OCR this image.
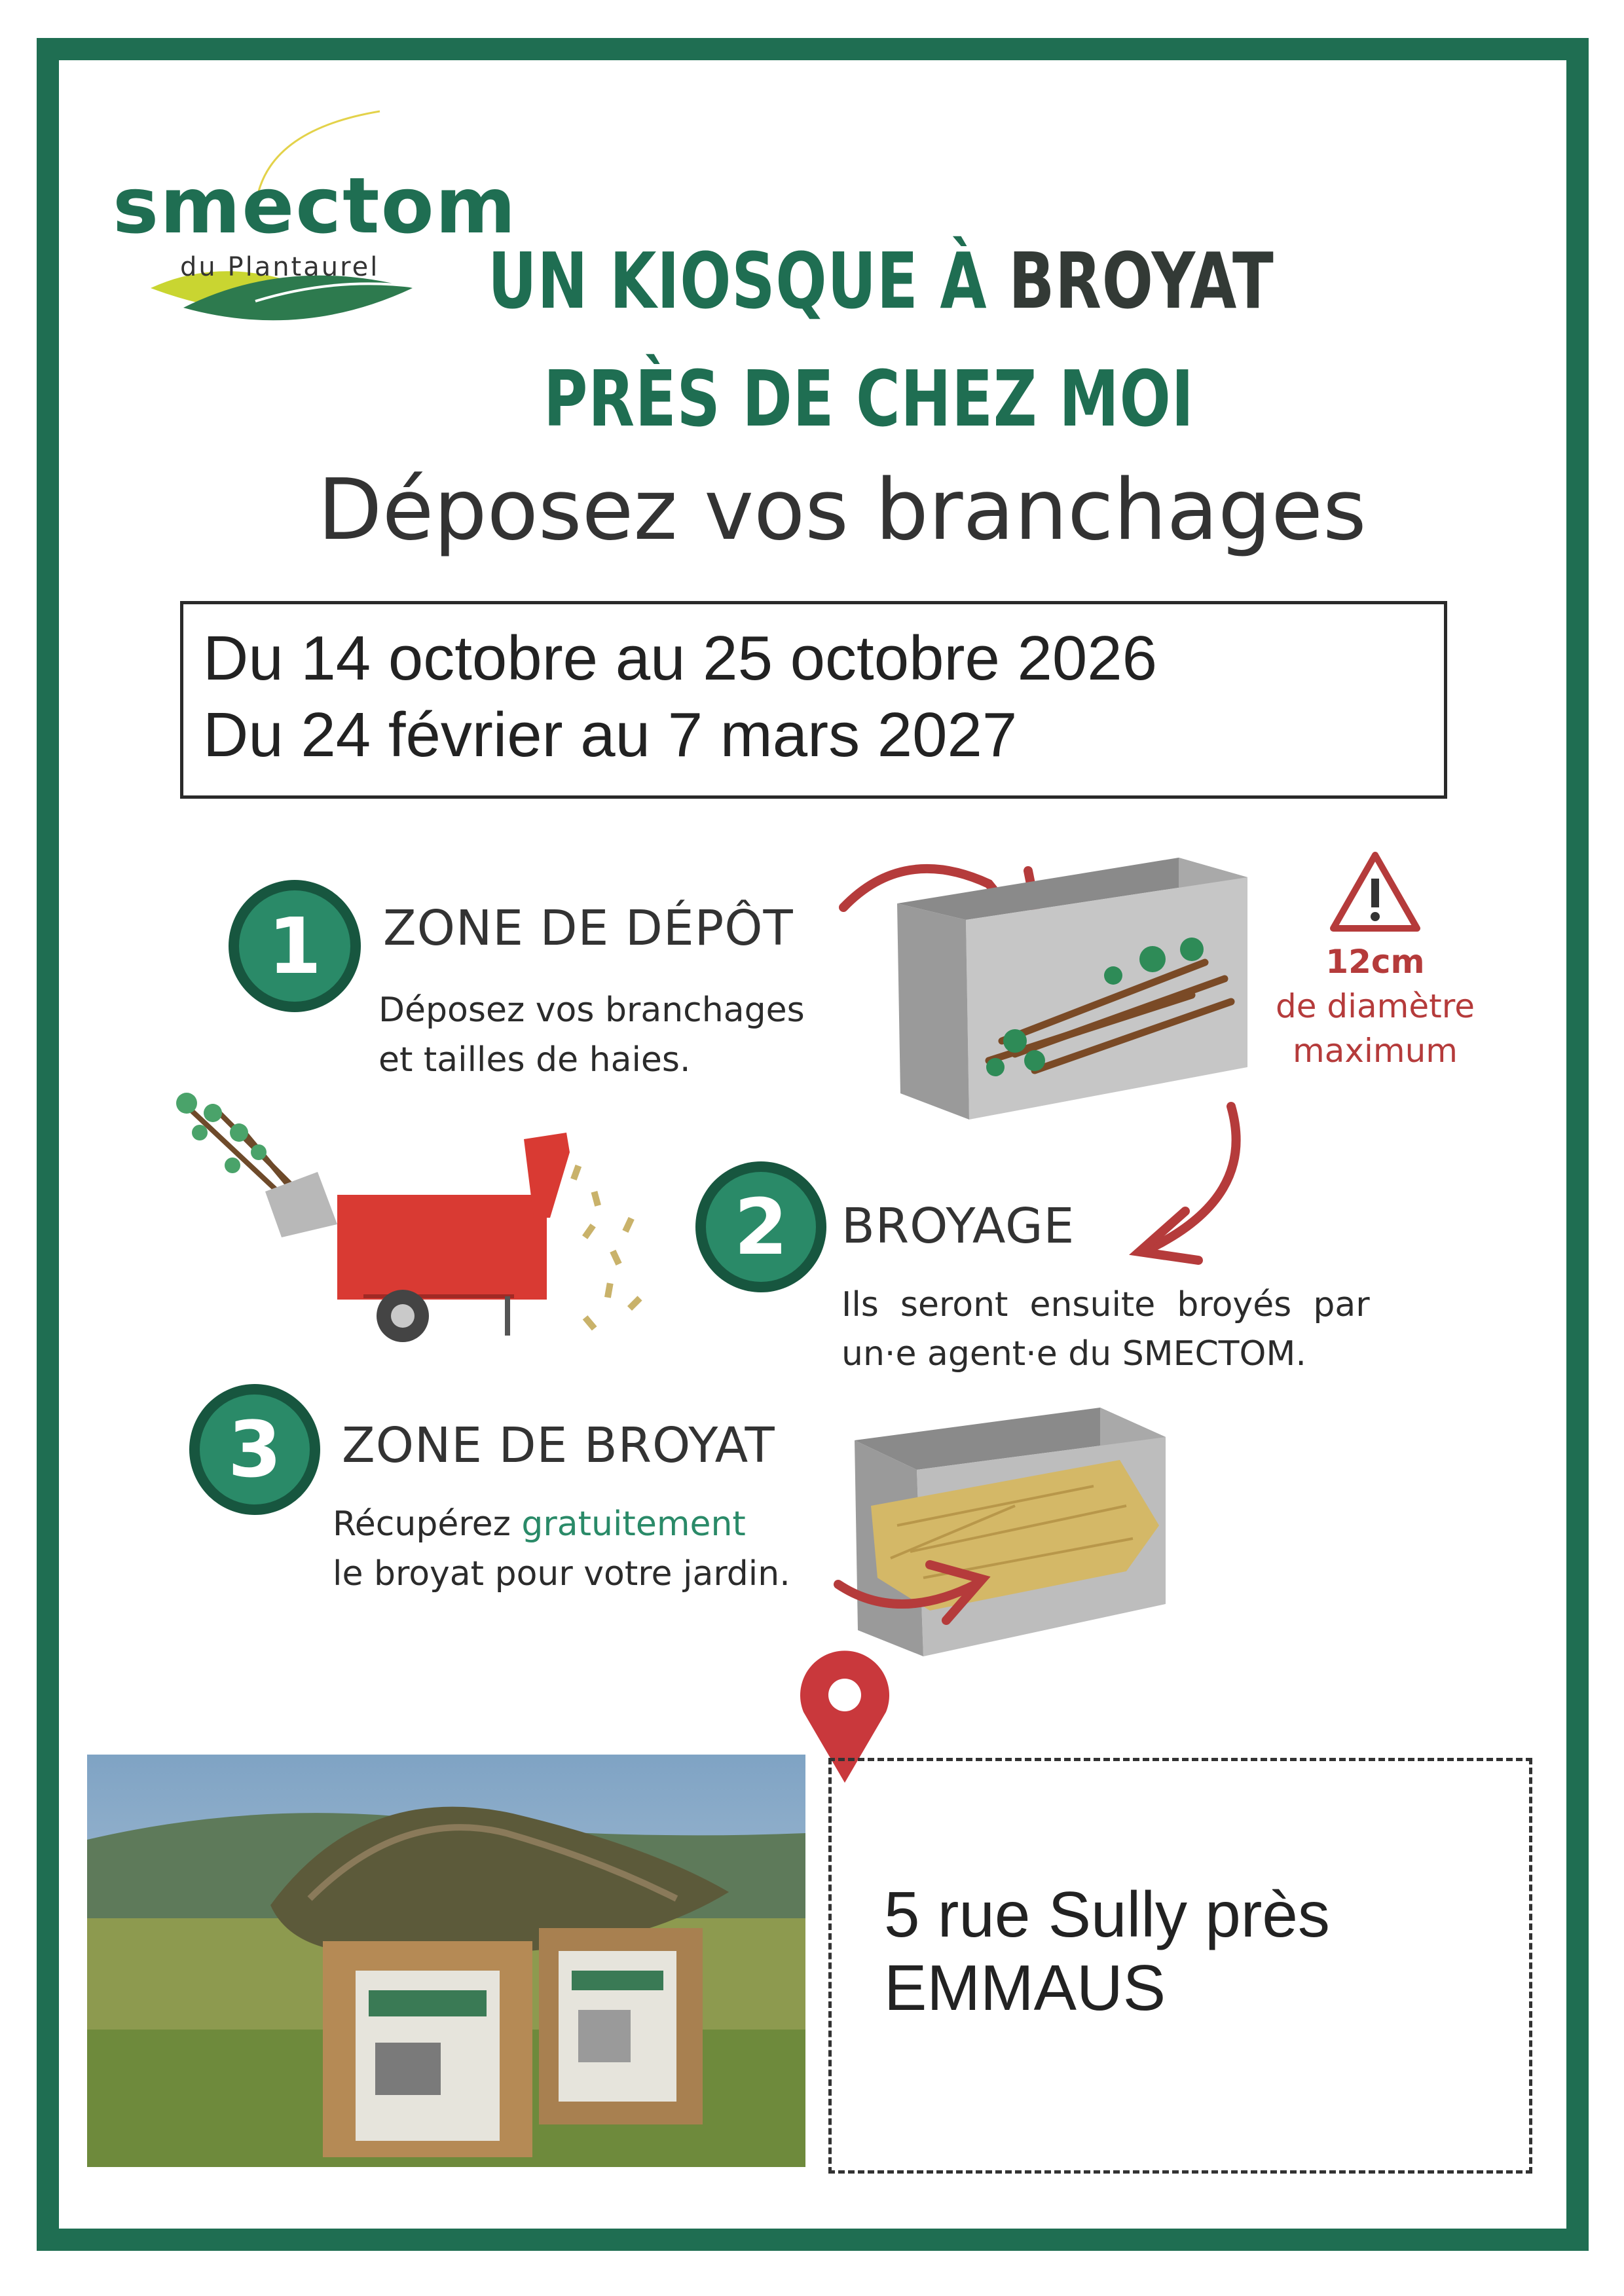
smectom
du Plantaurel UN KIOSQUE À BROYAT
PRÈS DE CHEZ MOI
Déposez vos branchages
Du 14 octobre au 25 octobre 2026
Du 24 février au 7 mars 2027
1	ZONE DE DÉPÔT
Déposez vos branchages
et tailles de haies.
12cm
de diamètre
maximum
2	BROYAGE
Ils  seront  ensuite  broyés  par
un·e agent·e du SMECTOM.
3	ZONE DE BROYAT
Récupérez gratuitement
le broyat pour votre jardin.
5 rue Sully près
EMMAUS
